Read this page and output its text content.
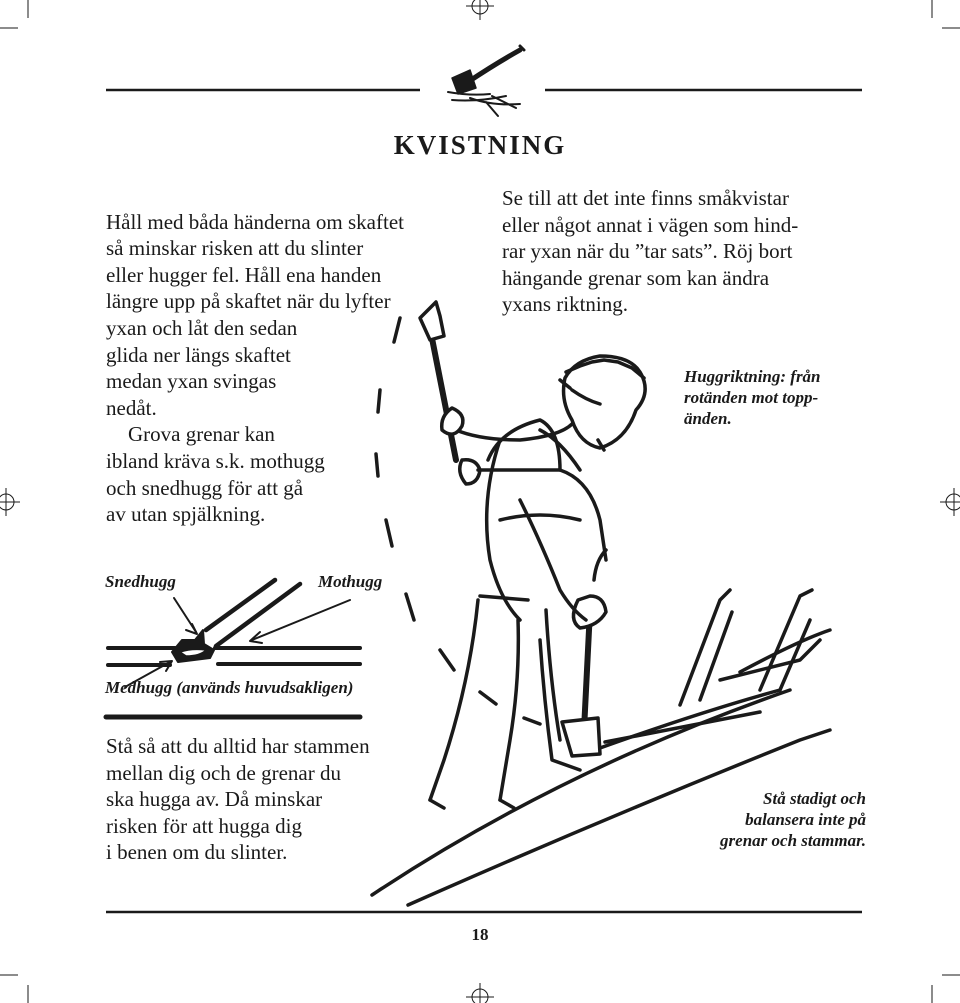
KVISTNING

Håll med båda händerna om skaftet
så minskar risken att du slinter
eller hugger fel. Håll ena handen
längre upp på skaftet när du lyfter
yxan och låt den sedan
glida ner längs skaftet
medan yxan svingas
nedåt.

Grova grenar kan
ibland kräva s.k. mothugg
och snedhugg för att gå
av utan spjälkning.

Se till att det inte finns småkvistar
eller något annat i vägen som hind-
rar yxan när du ”tar sats”. Röj bort
hängande grenar som kan ändra
yxans riktning.
Huggriktning: från
rotänden mot topp-
änden.
Snedhugg	Mothugg
Medhugg (används huvudsakligen)
Stå så att du alltid har stammen
mellan dig och de grenar du
ska hugga av. Då minskar
risken för att hugga dig
i benen om du slinter.
Stå stadigt och
balansera inte på
grenar och stammar.
18
